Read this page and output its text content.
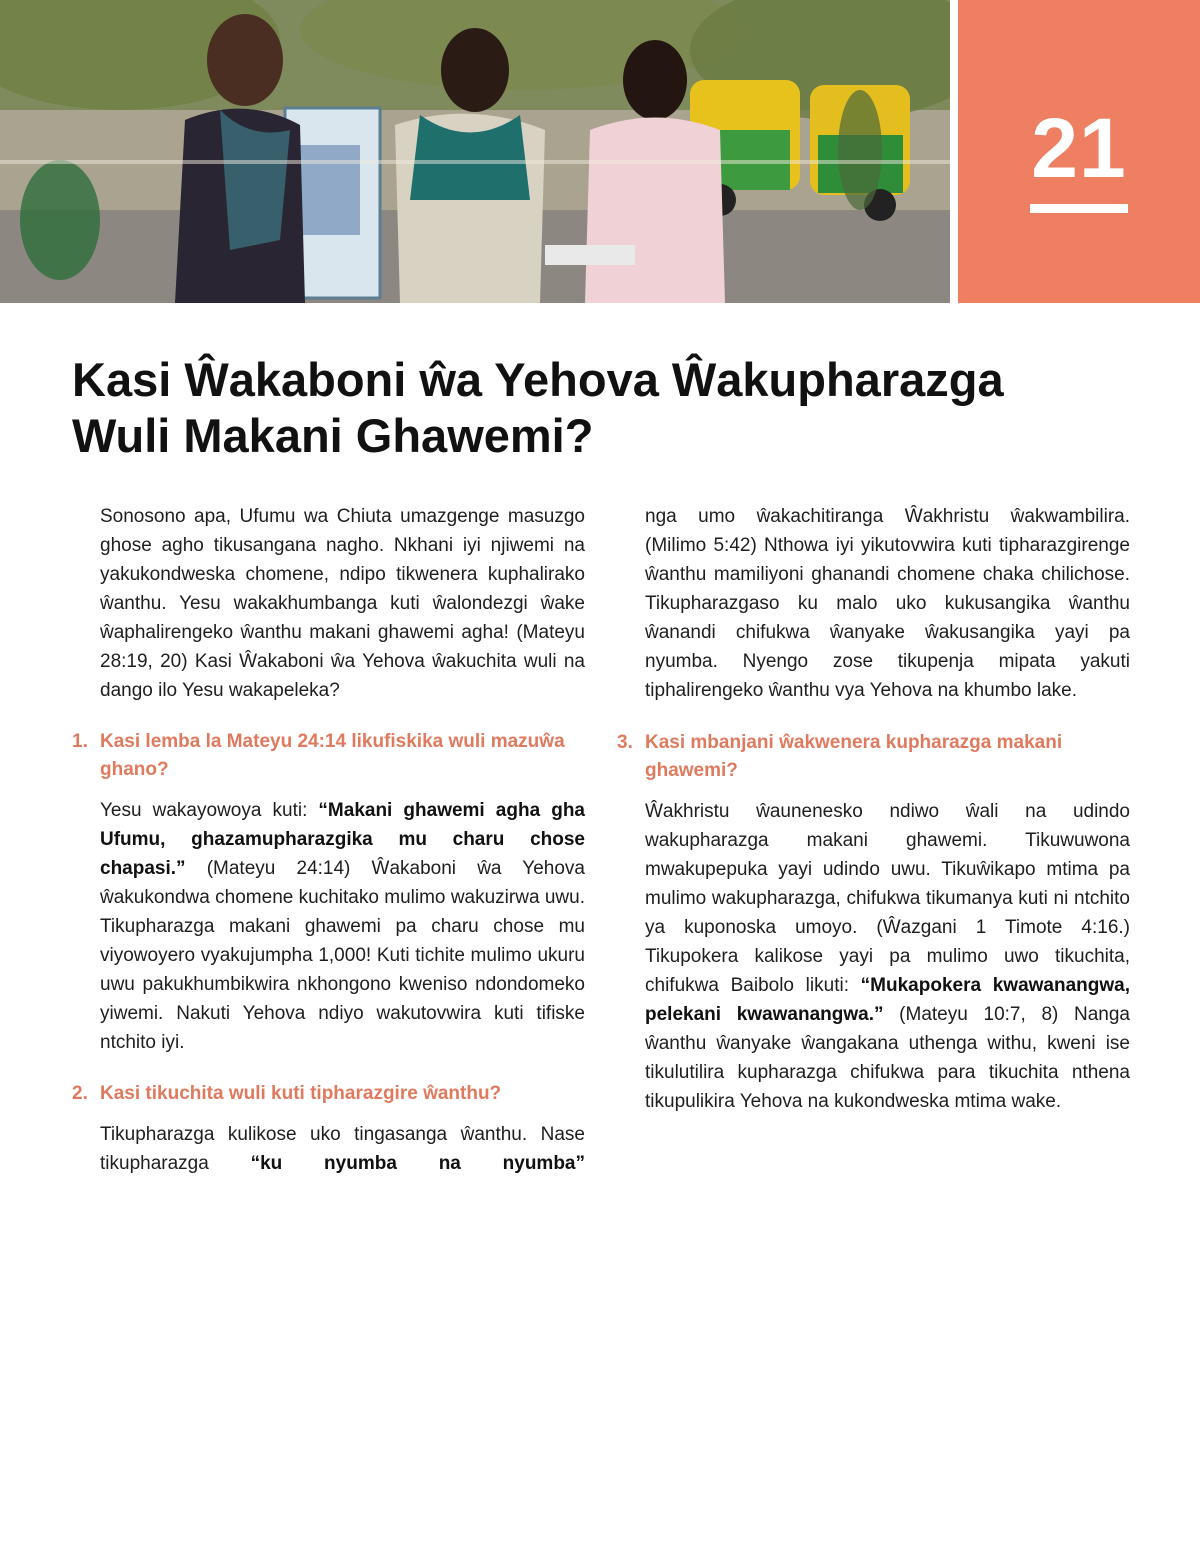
21
Kasi Ŵakaboni ŵa Yehova Ŵakupharazga
Wuli Makani Ghawemi?

Sonosono apa, Ufumu wa Chiuta umazgenge masuzgo ghose agho tikusangana nagho. Nkhani iyi njiwemi na yakukondweska chomene, ndipo tikwenera kuphalirako ŵanthu. Yesu wakakhumbanga kuti ŵalondezgi ŵake ŵaphalirengeko ŵanthu makani ghawemi agha! (Mateyu 28:19, 20) Kasi Ŵakaboni ŵa Yehova ŵakuchita wuli na dango ilo Yesu wakapeleka?

1. Kasi lemba la Mateyu 24:14 likufiskika wuli mazuŵa ghano?

Yesu wakayowoya kuti: “Makani ghawemi agha gha Ufumu, ghazamupharazgika mu charu chose chapasi.” (Mateyu 24:14) Ŵakaboni ŵa Yehova ŵakukondwa chomene kuchitako mulimo wakuzirwa uwu. Tikupharazga makani ghawemi pa charu chose mu viyowoyero vyakujumpha 1,000! Kuti tichite mulimo ukuru uwu pakukhumbikwira nkhongono kweniso ndondomeko yiwemi. Nakuti Yehova ndiyo wakutovwira kuti tifiske ntchito iyi.

2. Kasi tikuchita wuli kuti tipharazgire ŵanthu?

Tikupharazga kulikose uko tingasanga ŵanthu. Nase tikupharazga “ku nyumba na nyumba”

nga umo ŵakachitiranga Ŵakhristu ŵakwambilira. (Milimo 5:42) Nthowa iyi yikutovwira kuti tipharazgirenge ŵanthu mamiliyoni ghanandi chomene chaka chilichose. Tikupharazgaso ku malo uko kukusangika ŵanthu ŵanandi chifukwa ŵanyake ŵakusangika yayi pa nyumba. Nyengo zose tikupenja mipata yakuti tiphalirengeko ŵanthu vya Yehova na khumbo lake.

3. Kasi mbanjani ŵakwenera kupharazga makani ghawemi?

Ŵakhristu ŵaunenesko ndiwo ŵali na udindo wakupharazga makani ghawemi. Tikuwuwona mwakupepuka yayi udindo uwu. Tikuŵikapo mtima pa mulimo wakupharazga, chifukwa tikumanya kuti ni ntchito ya kuponoska umoyo. (Ŵazgani 1 Timote 4:16.) Tikupokera kalikose yayi pa mulimo uwo tikuchita, chifukwa Baibolo likuti: “Mukapokera kwawanangwa, pelekani kwawanangwa.” (Mateyu 10:7, 8) Nanga ŵanthu ŵanyake ŵangakana uthenga withu, kweni ise tikulutilira kupharazga chifukwa para tikuchita nthena tikupulikira Yehova na kukondweska mtima wake.
